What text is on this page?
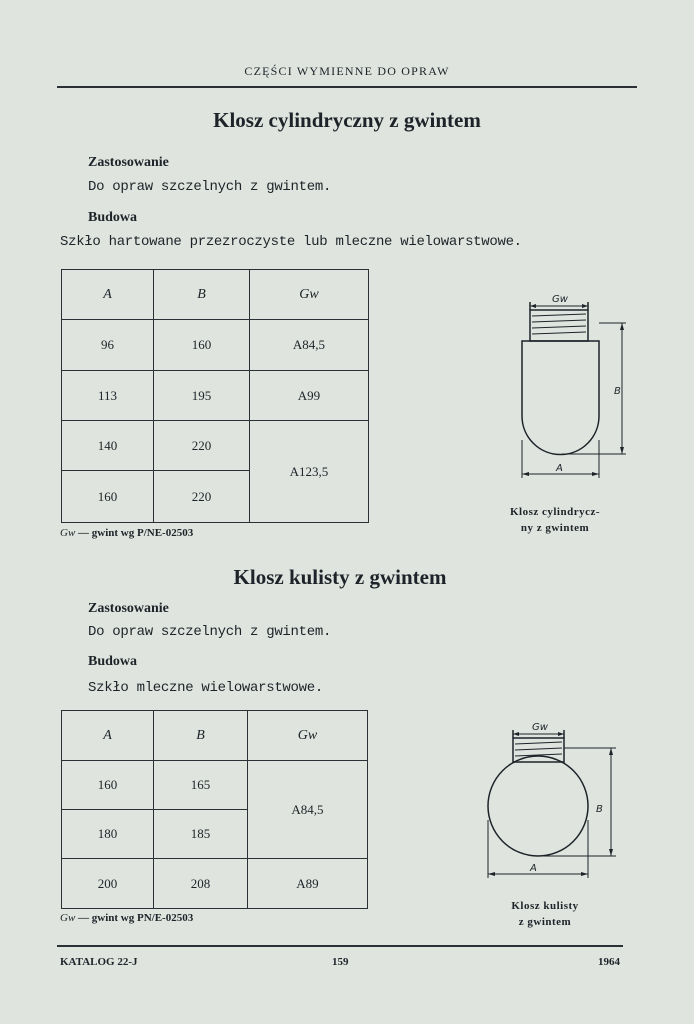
CZĘŚCI WYMIENNE DO OPRAW
Klosz cylindryczny z gwintem
Zastosowanie
Do opraw szczelnych z gwintem.
Budowa
Szkło hartowane przezroczyste lub mleczne wielowarstwowe.
A	B	Gw
96	160	A84,5
113	195	A99
140	220	A123,5
160	220	
Gw — gwint wg P/NE-02503
Gw
B
A
Klosz cylindrycz-
ny z gwintem
Klosz kulisty z gwintem
Zastosowanie
Do opraw szczelnych z gwintem.
Budowa
Szkło mleczne wielowarstwowe.
A	B	Gw
160	165	A84,5
180	185	
200	208	A89
Gw — gwint wg PN/E-02503
Gw
B
A
Klosz kulisty
z gwintem
KATALOG 22-J	159	1964
